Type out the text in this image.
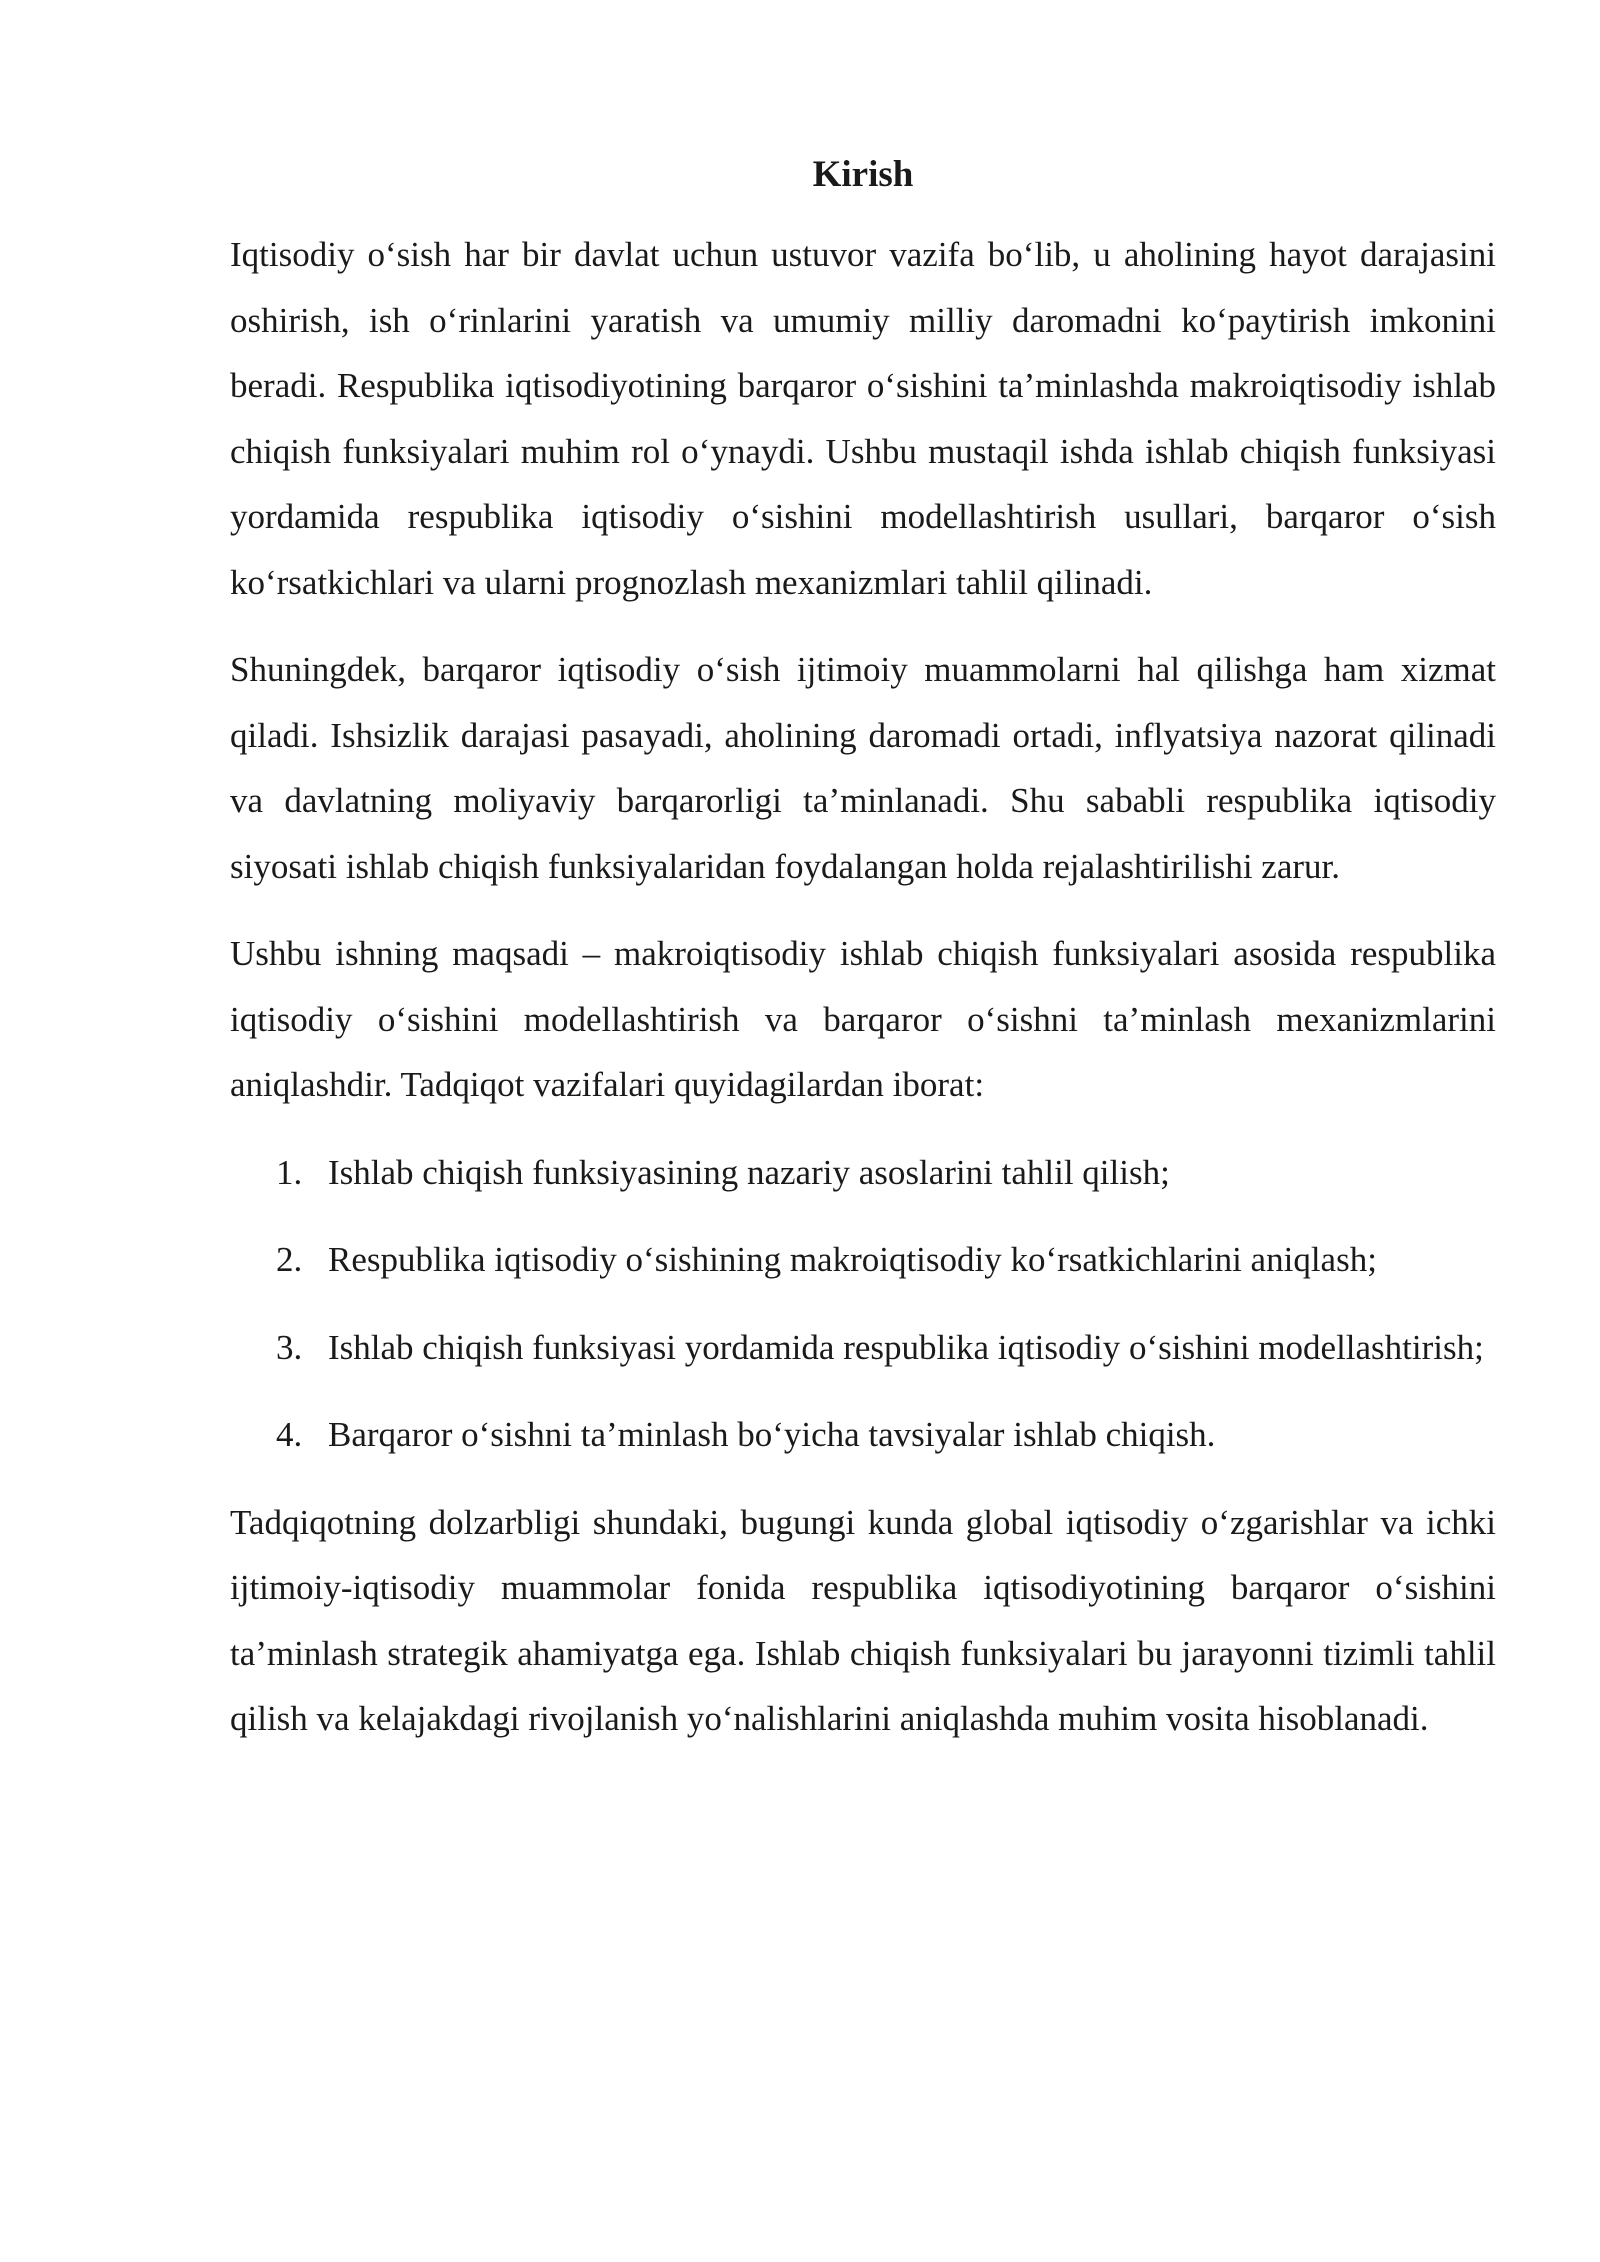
Kirish

Iqtisodiy o‘sish har bir davlat uchun ustuvor vazifa bo‘lib, u aholining hayot darajasini oshirish, ish o‘rinlarini yaratish va umumiy milliy daromadni ko‘paytirish imkonini beradi. Respublika iqtisodiyotining barqaror o‘sishini ta’minlashda makroiqtisodiy ishlab chiqish funksiyalari muhim rol o‘ynaydi. Ushbu mustaqil ishda ishlab chiqish funksiyasi yordamida respublika iqtisodiy o‘sishini modellashtirish usullari, barqaror o‘sish ko‘rsatkichlari va ularni prognozlash mexanizmlari tahlil qilinadi.

Shuningdek, barqaror iqtisodiy o‘sish ijtimoiy muammolarni hal qilishga ham xizmat qiladi. Ishsizlik darajasi pasayadi, aholining daromadi ortadi, inflyatsiya nazorat qilinadi va davlatning moliyaviy barqarorligi ta’minlanadi. Shu sababli respublika iqtisodiy siyosati ishlab chiqish funksiyalaridan foydalangan holda rejalashtirilishi zarur.

Ushbu ishning maqsadi – makroiqtisodiy ishlab chiqish funksiyalari asosida respublika iqtisodiy o‘sishini modellashtirish va barqaror o‘sishni ta’minlash mexanizmlarini aniqlashdir. Tadqiqot vazifalari quyidagilardan iborat:

1. Ishlab chiqish funksiyasining nazariy asoslarini tahlil qilish;
2. Respublika iqtisodiy o‘sishining makroiqtisodiy ko‘rsatkichlarini aniqlash;
3. Ishlab chiqish funksiyasi yordamida respublika iqtisodiy o‘sishini modellashtirish;
4. Barqaror o‘sishni ta’minlash bo‘yicha tavsiyalar ishlab chiqish.

Tadqiqotning dolzarbligi shundaki, bugungi kunda global iqtisodiy o‘zgarishlar va ichki ijtimoiy-iqtisodiy muammolar fonida respublika iqtisodiyotining barqaror o‘sishini ta’minlash strategik ahamiyatga ega. Ishlab chiqish funksiyalari bu jarayonni tizimli tahlil qilish va kelajakdagi rivojlanish yo‘nalishlarini aniqlashda muhim vosita hisoblanadi.
